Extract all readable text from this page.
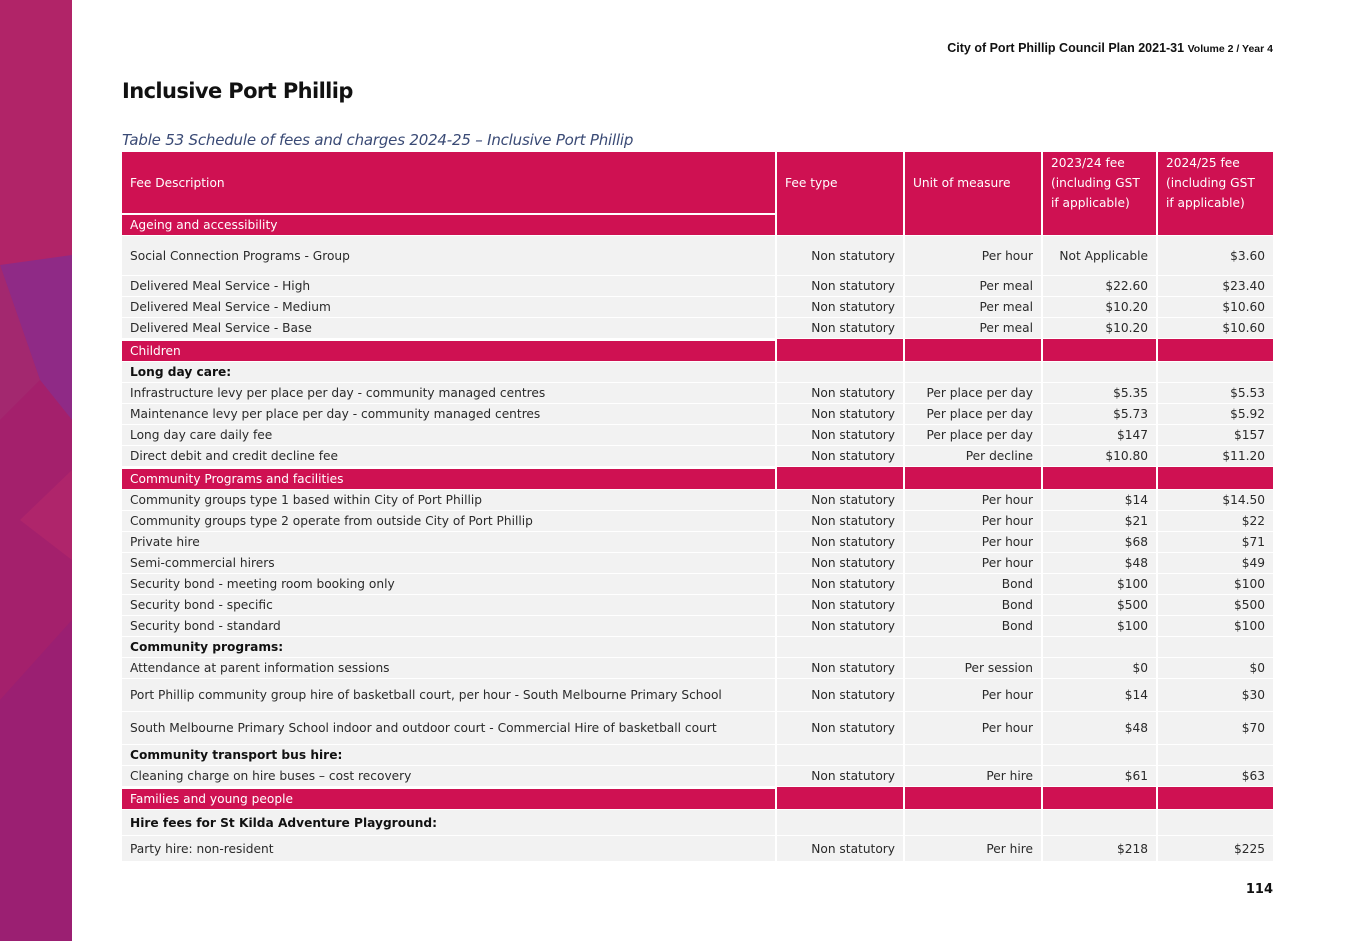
City of Port Phillip Council Plan 2021-31 Volume 2 / Year 4
Inclusive Port Phillip
Table 53 Schedule of fees and charges 2024-25 – Inclusive Port Phillip
Fee Description	Fee type	Unit of measure	2023/24 fee (including GST if applicable)	2024/25 fee (including GST if applicable)
Ageing and accessibility				
Social Connection Programs - Group	Non statutory	Per hour	Not Applicable	$3.60
Delivered Meal Service - High	Non statutory	Per meal	$22.60	$23.40
Delivered Meal Service - Medium	Non statutory	Per meal	$10.20	$10.60
Delivered Meal Service - Base	Non statutory	Per meal	$10.20	$10.60
Children				
Long day care:				
Infrastructure levy per place per day - community managed centres	Non statutory	Per place per day	$5.35	$5.53
Maintenance levy per place per day - community managed centres	Non statutory	Per place per day	$5.73	$5.92
Long day care daily fee	Non statutory	Per place per day	$147	$157
Direct debit and credit decline fee	Non statutory	Per decline	$10.80	$11.20
Community Programs and facilities				
Community groups type 1 based within City of Port Phillip	Non statutory	Per hour	$14	$14.50
Community groups type 2 operate from outside City of Port Phillip	Non statutory	Per hour	$21	$22
Private hire	Non statutory	Per hour	$68	$71
Semi-commercial hirers	Non statutory	Per hour	$48	$49
Security bond - meeting room booking only	Non statutory	Bond	$100	$100
Security bond - specific	Non statutory	Bond	$500	$500
Security bond - standard	Non statutory	Bond	$100	$100
Community programs:				
Attendance at parent information sessions	Non statutory	Per session	$0	$0
Port Phillip community group hire of basketball court, per hour - South Melbourne Primary School	Non statutory	Per hour	$14	$30
South Melbourne Primary School indoor and outdoor court - Commercial Hire of basketball court	Non statutory	Per hour	$48	$70
Community transport bus hire:				
Cleaning charge on hire buses – cost recovery	Non statutory	Per hire	$61	$63
Families and young people				
Hire fees for St Kilda Adventure Playground:				
Party hire: non-resident	Non statutory	Per hire	$218	$225
114
